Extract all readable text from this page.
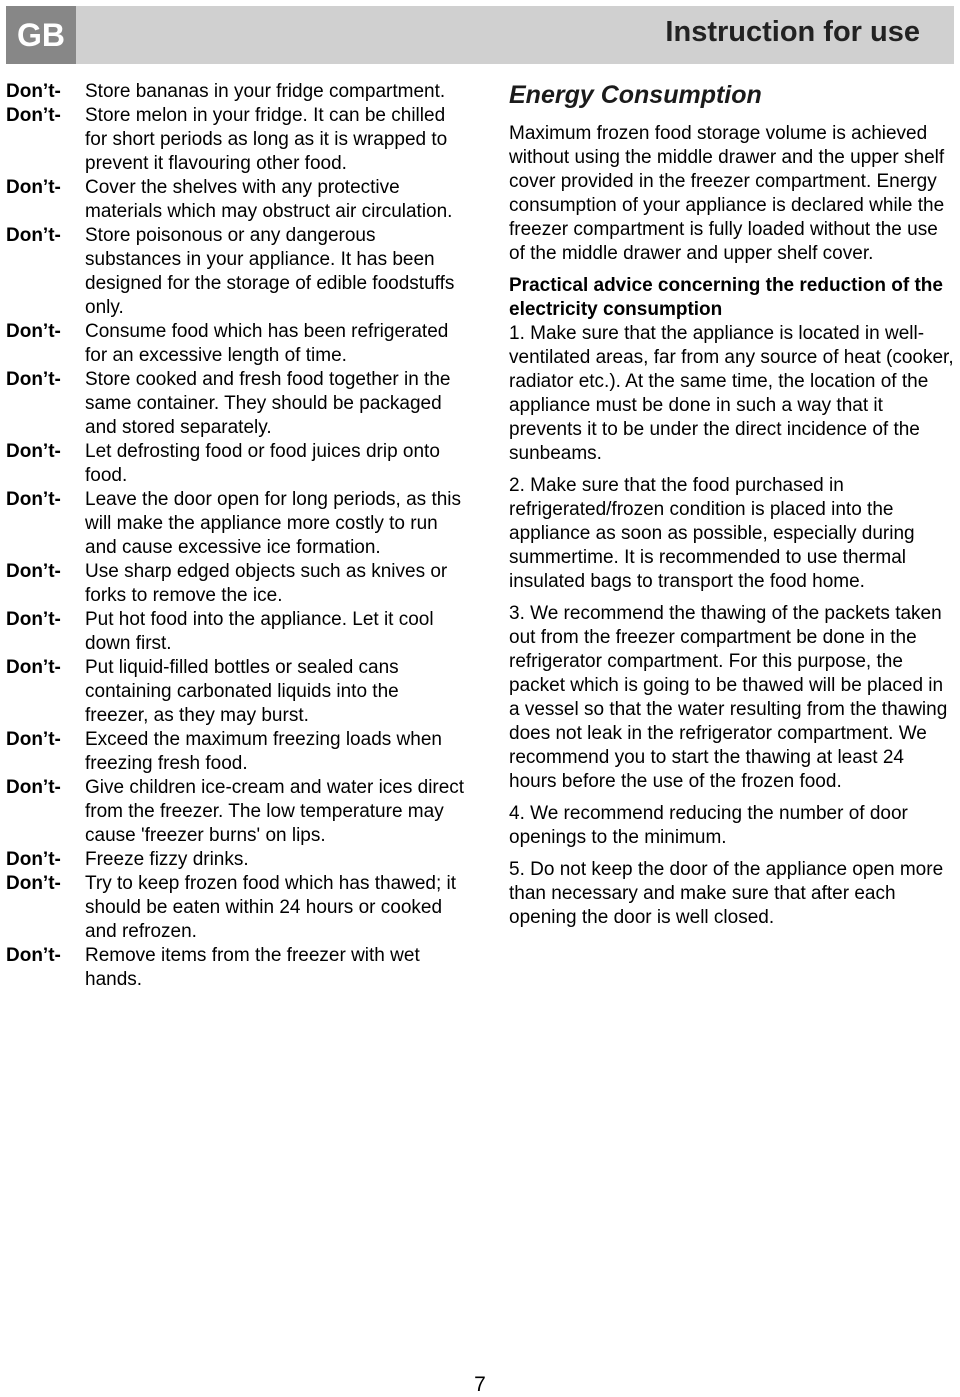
GB	Instruction for use
Don’t-	Store bananas in your fridge compartment.
Don’t-	Store melon in your fridge. It can be chilled for short periods as long as it is wrapped to prevent it flavouring other food.
Don’t-	Cover the shelves with any protective materials which may obstruct air circulation.
Don’t-	Store poisonous or any dangerous substances in your appliance. It has been designed for the storage of edible foodstuffs only.
Don’t-	Consume food which has been refrigerated for an excessive length of time.
Don’t-	Store cooked and fresh food together in the same container. They should be packaged and stored separately.
Don’t-	Let defrosting food or food juices drip onto food.
Don’t-	Leave the door open for long periods, as this will make the appliance more costly to run and cause excessive ice formation.
Don’t-	Use sharp edged objects such as knives or forks to remove the ice.
Don’t-	Put hot food into the appliance. Let it cool down first.
Don’t-	Put liquid-filled bottles or sealed cans containing carbonated liquids into the freezer, as they may burst.
Don’t-	Exceed the maximum freezing loads when freezing fresh food.
Don’t-	Give children ice-cream and water ices direct from the freezer. The low temperature may cause 'freezer burns' on lips.
Don’t-	Freeze fizzy drinks.
Don’t-	Try to keep frozen food which has thawed; it should be eaten within 24 hours or cooked and refrozen.
Don’t-	Remove items from the freezer with wet hands.
Energy Consumption

Maximum frozen food storage volume is achieved without using the middle drawer and the upper shelf cover provided in the freezer compartment. Energy consumption of your appliance is declared while the freezer compartment is fully loaded without the use of the middle drawer and upper shelf cover.

Practical advice concerning the reduction of the electricity consumption

1. Make sure that the appliance is located in well-ventilated areas, far from any source of heat (cooker, radiator etc.). At the same time, the location of the appliance must be done in such a way that it prevents it to be under the direct incidence of the sunbeams.

2. Make sure that the food purchased in refrigerated/frozen condition is placed into the appliance as soon as possible, especially during summertime. It is recommended to use thermal insulated bags to transport the food home.

3. We recommend the thawing of the packets taken out from the freezer compartment be done in the refrigerator compartment. For this purpose, the packet which is going to be thawed will be placed in a vessel so that the water resulting from the thawing does not leak in the refrigerator compartment. We recommend you to start the thawing at least 24 hours before the use of the frozen food.

4. We recommend reducing the number of door openings to the minimum.

5. Do not keep the door of the appliance open more than necessary and make sure that after each opening the door is well closed.

7
